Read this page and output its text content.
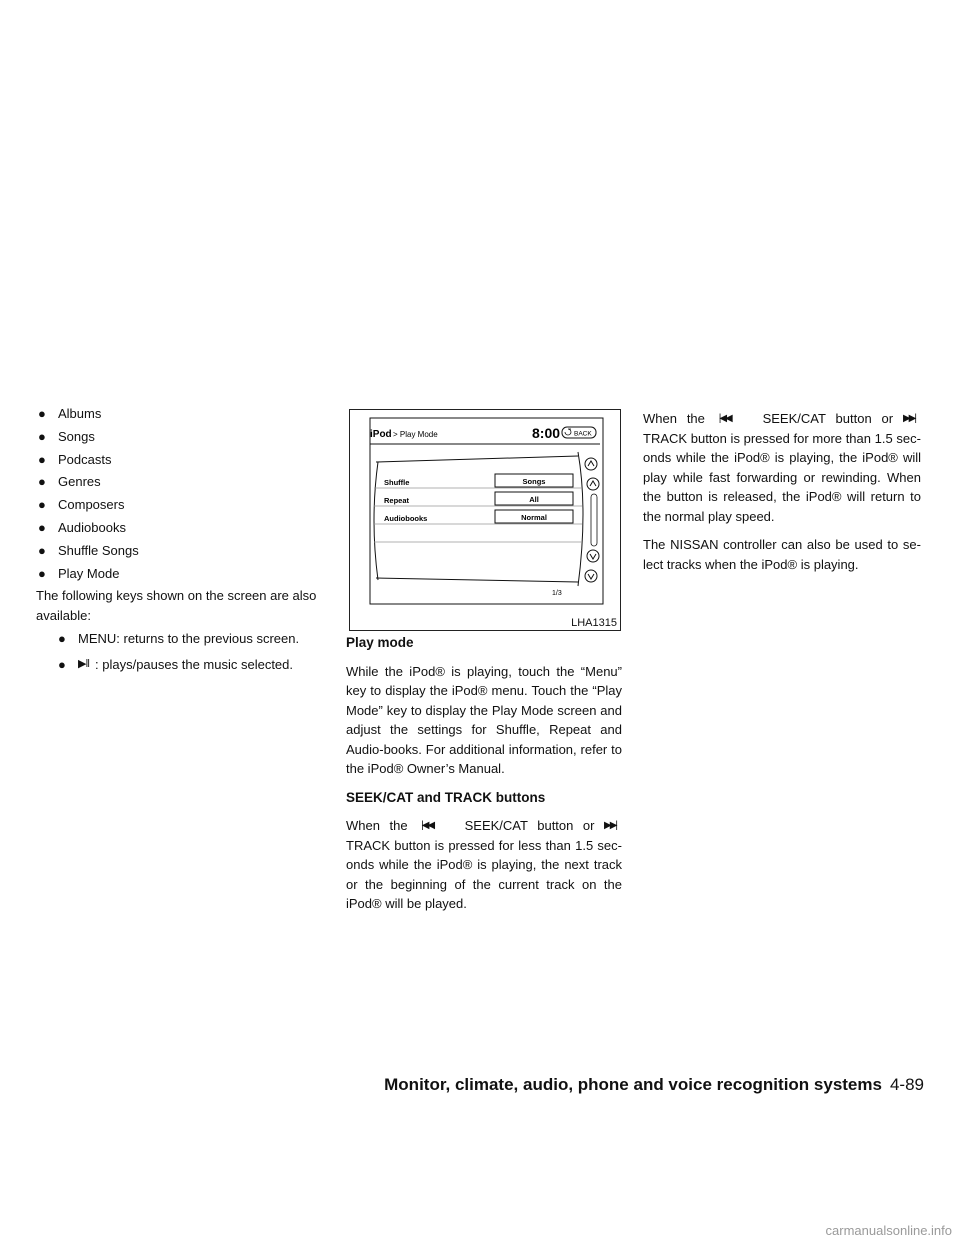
● Albums
● Songs
● Podcasts
● Genres
● Composers
● Audiobooks
● Shuffle Songs
● Play Mode
The following keys shown on the screen are also available:
● MENU: returns to the previous screen.
●	▶ǁ : plays/pauses the music selected.
iPod > Play Mode	8:00 BACK
Shuffle
Repeat
Audiobooks
Songs
All
Normal
1/3
LHA1315
Play mode

While the iPod® is playing, touch the “Menu” key to display the iPod® menu. Touch the “Play Mode” key to display the Play Mode screen and adjust the settings for Shuffle, Repeat and Audio-books. For additional information, refer to the iPod® Owner’s Manual.

SEEK/CAT and TRACK buttons

When the |◀◀ SEEK/CAT button or ▶▶| TRACK button is pressed for less than 1.5 sec-onds while the iPod® is playing, the next track or the beginning of the current track on the iPod® will be played.

When the |◀◀ SEEK/CAT button or ▶▶| TRACK button is pressed for more than 1.5 sec-onds while the iPod® is playing, the iPod® will play while fast forwarding or rewinding. When the button is released, the iPod® will return to the normal play speed.

The NISSAN controller can also be used to se-lect tracks when the iPod® is playing.

Monitor, climate, audio, phone and voice recognition systems 4-89
carmanualsonline.info
